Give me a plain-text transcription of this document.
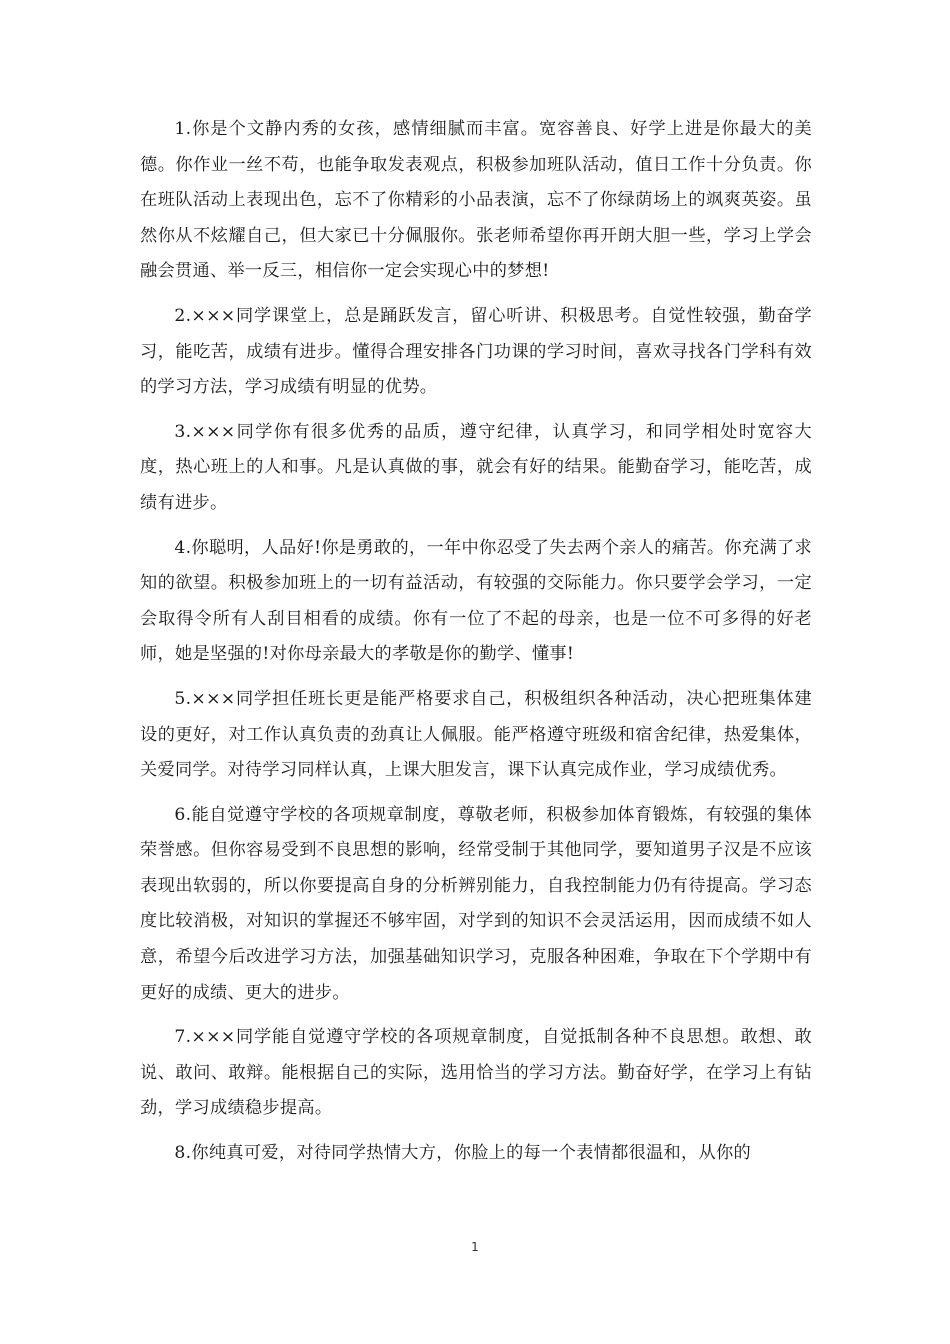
1.你是个文静内秀的女孩，感情细腻而丰富。宽容善良、好学上进是你最大的美德。你作业一丝不苟，也能争取发表观点，积极参加班队活动，值日工作十分负责。你在班队活动上表现出色，忘不了你精彩的小品表演，忘不了你绿荫场上的飒爽英姿。虽然你从不炫耀自己，但大家已十分佩服你。张老师希望你再开朗大胆一些，学习上学会融会贯通、举一反三，相信你一定会实现心中的梦想!

2.×××同学课堂上，总是踊跃发言，留心听讲、积极思考。自觉性较强，勤奋学习，能吃苦，成绩有进步。懂得合理安排各门功课的学习时间，喜欢寻找各门学科有效的学习方法，学习成绩有明显的优势。

3.×××同学你有很多优秀的品质，遵守纪律，认真学习，和同学相处时宽容大度，热心班上的人和事。凡是认真做的事，就会有好的结果。能勤奋学习，能吃苦，成绩有进步。

4.你聪明，人品好!你是勇敢的，一年中你忍受了失去两个亲人的痛苦。你充满了求知的欲望。积极参加班上的一切有益活动，有较强的交际能力。你只要学会学习，一定会取得令所有人刮目相看的成绩。你有一位了不起的母亲，也是一位不可多得的好老师，她是坚强的!对你母亲最大的孝敬是你的勤学、懂事!

5.×××同学担任班长更是能严格要求自己，积极组织各种活动，决心把班集体建设的更好，对工作认真负责的劲真让人佩服。能严格遵守班级和宿舍纪律，热爱集体，关爱同学。对待学习同样认真，上课大胆发言，课下认真完成作业，学习成绩优秀。

6.能自觉遵守学校的各项规章制度，尊敬老师，积极参加体育锻炼，有较强的集体荣誉感。但你容易受到不良思想的影响，经常受制于其他同学，要知道男子汉是不应该表现出软弱的，所以你要提高自身的分析辨别能力，自我控制能力仍有待提高。学习态度比较消极，对知识的掌握还不够牢固，对学到的知识不会灵活运用，因而成绩不如人意，希望今后改进学习方法，加强基础知识学习，克服各种困难，争取在下个学期中有更好的成绩、更大的进步。

7.×××同学能自觉遵守学校的各项规章制度，自觉抵制各种不良思想。敢想、敢说、敢问、敢辩。能根据自己的实际，选用恰当的学习方法。勤奋好学，在学习上有钻劲，学习成绩稳步提高。

8.你纯真可爱，对待同学热情大方，你脸上的每一个表情都很温和，从你的

1
